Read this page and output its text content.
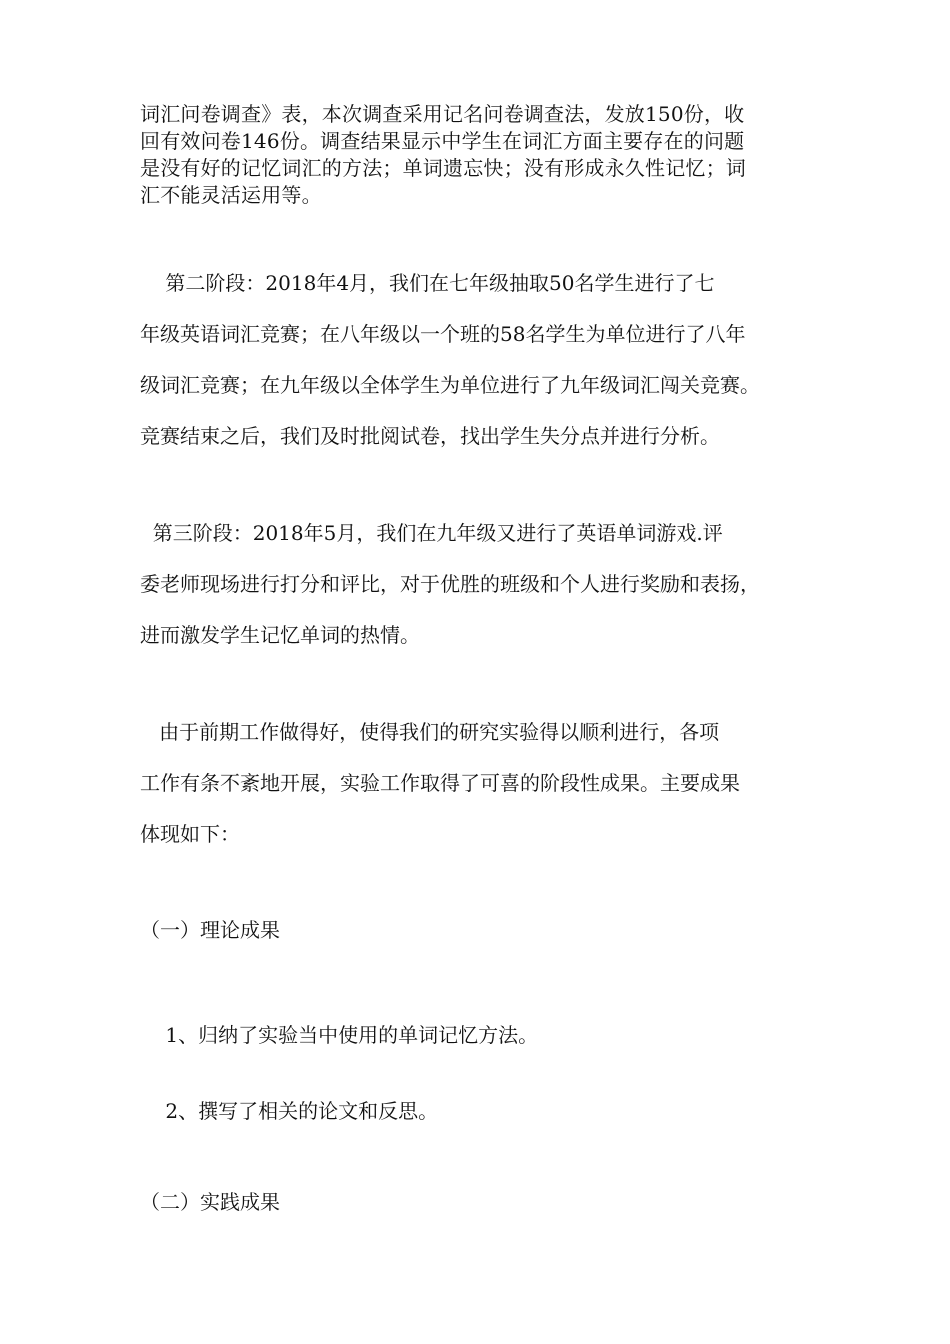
词汇问卷调查》表，本次调查采用记名问卷调查法，发放150份，收

回有效问卷146份。调查结果显示中学生在词汇方面主要存在的问题

是没有好的记忆词汇的方法；单词遗忘快；没有形成永久性记忆；词

汇不能灵活运用等。

第二阶段：2018年4月，我们在七年级抽取50名学生进行了七

年级英语词汇竞赛；在八年级以一个班的58名学生为单位进行了八年

级词汇竞赛；在九年级以全体学生为单位进行了九年级词汇闯关竞赛。

竞赛结束之后，我们及时批阅试卷，找出学生失分点并进行分析。

第三阶段：2018年5月，我们在九年级又进行了英语单词游戏.评

委老师现场进行打分和评比，对于优胜的班级和个人进行奖励和表扬，

进而激发学生记忆单词的热情。

由于前期工作做得好，使得我们的研究实验得以顺利进行，各项

工作有条不紊地开展，实验工作取得了可喜的阶段性成果。主要成果

体现如下：

（一）理论成果

1、归纳了实验当中使用的单词记忆方法。

2、撰写了相关的论文和反思。

（二）实践成果
